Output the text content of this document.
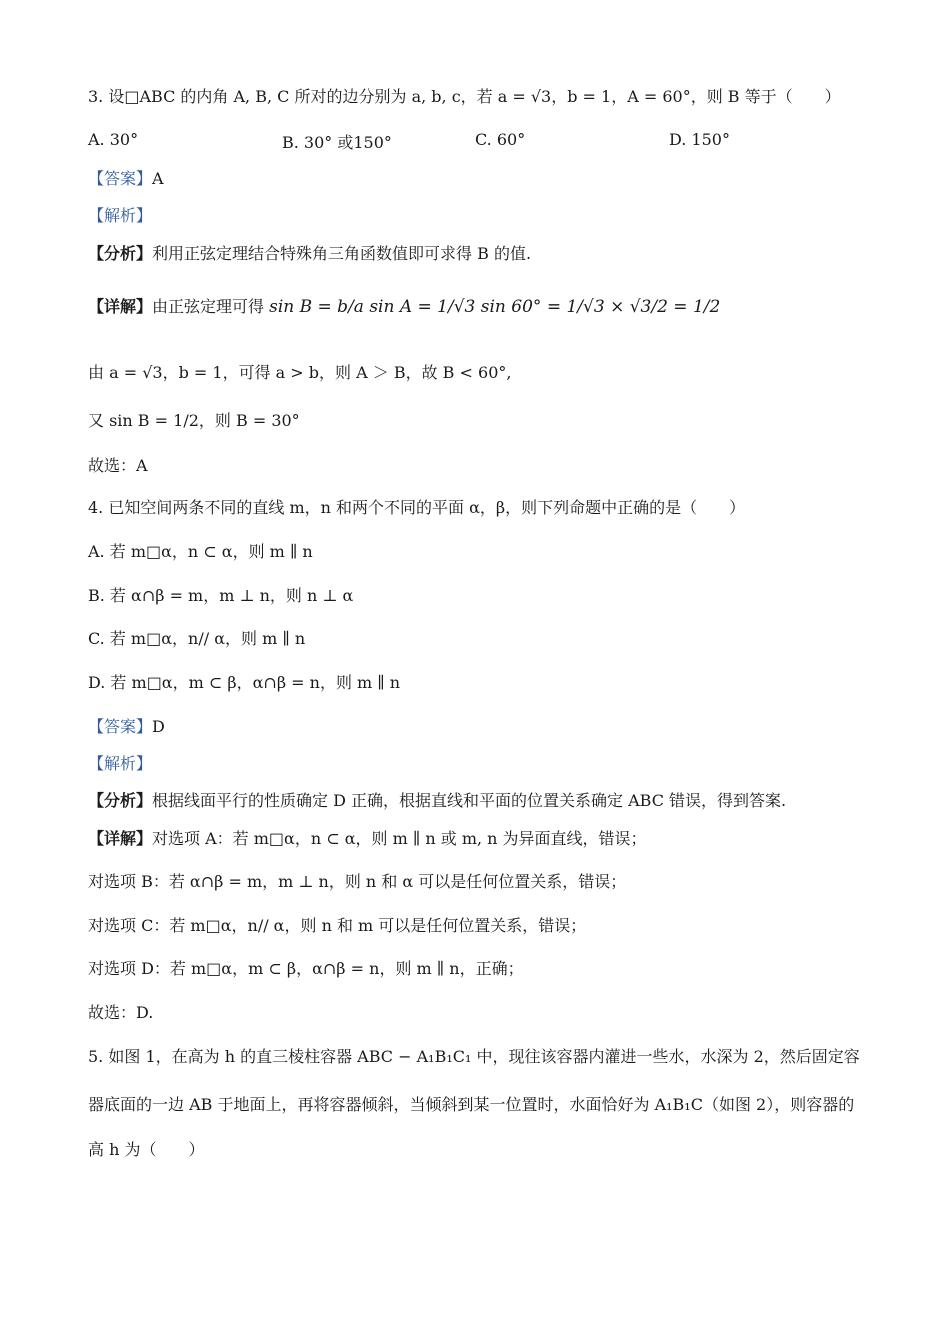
3. 设□ABC 的内角 A, B, C 所对的边分别为 a, b, c，若 a = √3，b = 1，A = 60°，则 B 等于（　　）
A. 30°	B. 30° 或150°	C. 60°	D. 150°
【答案】A
【解析】
【分析】利用正弦定理结合特殊角三角函数值即可求得 B 的值.
【详解】由正弦定理可得 sin B = b/a sin A = 1/√3 sin 60° = 1/√3 × √3/2 = 1/2
由 a = √3，b = 1，可得 a > b，则 A ＞ B，故 B < 60°,
又 sin B = 1/2，则 B = 30°
故选：A
4. 已知空间两条不同的直线 m，n 和两个不同的平面 α，β，则下列命题中正确的是（　　）
A. 若 m□α，n ⊂ α，则 m ∥ n
B. 若 α∩β = m，m ⊥ n，则 n ⊥ α
C. 若 m□α，n// α，则 m ∥ n
D. 若 m□α，m ⊂ β，α∩β = n，则 m ∥ n
【答案】D
【解析】
【分析】根据线面平行的性质确定 D 正确，根据直线和平面的位置关系确定 ABC 错误，得到答案.
【详解】对选项 A：若 m□α，n ⊂ α，则 m ∥ n 或 m, n 为异面直线，错误；
对选项 B：若 α∩β = m，m ⊥ n，则 n 和 α 可以是任何位置关系，错误；
对选项 C：若 m□α，n// α，则 n 和 m 可以是任何位置关系，错误；
对选项 D：若 m□α，m ⊂ β，α∩β = n，则 m ∥ n，正确；
故选：D.
5. 如图 1，在高为 h 的直三棱柱容器 ABC − A₁B₁C₁ 中，现往该容器内灌进一些水，水深为 2，然后固定容
器底面的一边 AB 于地面上，再将容器倾斜，当倾斜到某一位置时，水面恰好为 A₁B₁C（如图 2），则容器的
高 h 为（　　）
